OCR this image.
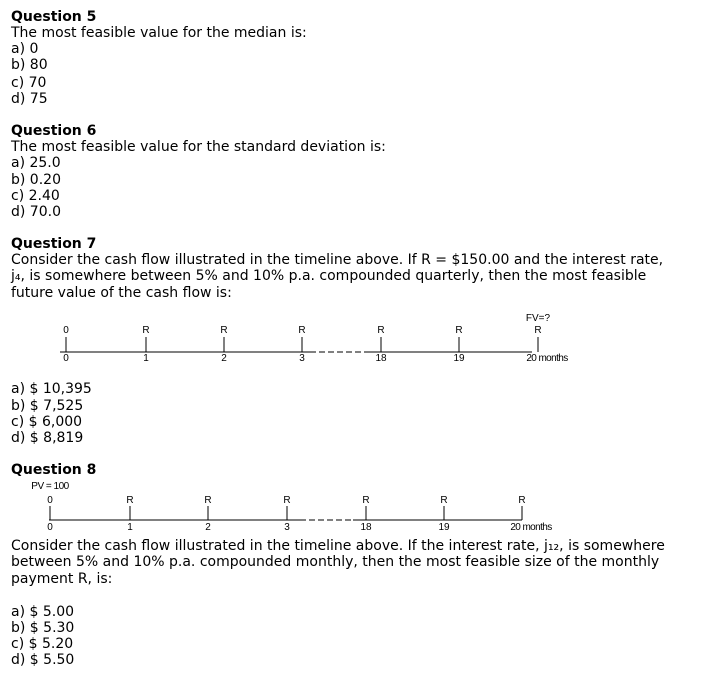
Question 5
The most feasible value for the median is:
a) 0
b) 80
c) 70
d) 75
Question 6
The most feasible value for the standard deviation is:
a) 25.0
b) 0.20
c) 2.40
d) 70.0
Question 7
Consider the cash flow illustrated in the timeline above. If R = $150.00 and the interest rate,
j₄, is somewhere between 5% and 10% p.a. compounded quarterly, then the most feasible
future value of the cash flow is:
FV=?
0	R	R	R	R	R	R
0	1	2	3	18	19	20 months
a) $ 10,395
b) $ 7,525
c) $ 6,000
d) $ 8,819
Question 8
PV = 100
0	R	R	R	R	R	R
0	1	2	3	18	19	20 months
Consider the cash flow illustrated in the timeline above. If the interest rate, j₁₂, is somewhere
between 5% and 10% p.a. compounded monthly, then the most feasible size of the monthly
payment R, is:
a) $ 5.00
b) $ 5.30
c) $ 5.20
d) $ 5.50
